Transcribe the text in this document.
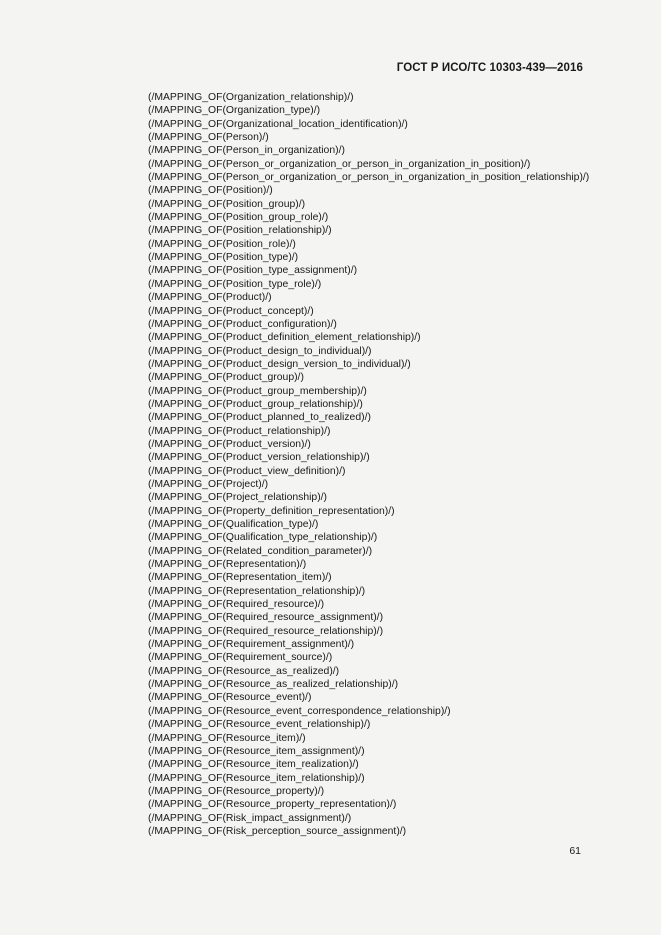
ГОСТ Р ИСО/ТС 10303-439—2016
(/MAPPING_OF(Organization_relationship)/)
(/MAPPING_OF(Organization_type)/)
(/MAPPING_OF(Organizational_location_identification)/)
(/MAPPING_OF(Person)/)
(/MAPPING_OF(Person_in_organization)/)
(/MAPPING_OF(Person_or_organization_or_person_in_organization_in_position)/)
(/MAPPING_OF(Person_or_organization_or_person_in_organization_in_position_relationship)/)
(/MAPPING_OF(Position)/)
(/MAPPING_OF(Position_group)/)
(/MAPPING_OF(Position_group_role)/)
(/MAPPING_OF(Position_relationship)/)
(/MAPPING_OF(Position_role)/)
(/MAPPING_OF(Position_type)/)
(/MAPPING_OF(Position_type_assignment)/)
(/MAPPING_OF(Position_type_role)/)
(/MAPPING_OF(Product)/)
(/MAPPING_OF(Product_concept)/)
(/MAPPING_OF(Product_configuration)/)
(/MAPPING_OF(Product_definition_element_relationship)/)
(/MAPPING_OF(Product_design_to_individual)/)
(/MAPPING_OF(Product_design_version_to_individual)/)
(/MAPPING_OF(Product_group)/)
(/MAPPING_OF(Product_group_membership)/)
(/MAPPING_OF(Product_group_relationship)/)
(/MAPPING_OF(Product_planned_to_realized)/)
(/MAPPING_OF(Product_relationship)/)
(/MAPPING_OF(Product_version)/)
(/MAPPING_OF(Product_version_relationship)/)
(/MAPPING_OF(Product_view_definition)/)
(/MAPPING_OF(Project)/)
(/MAPPING_OF(Project_relationship)/)
(/MAPPING_OF(Property_definition_representation)/)
(/MAPPING_OF(Qualification_type)/)
(/MAPPING_OF(Qualification_type_relationship)/)
(/MAPPING_OF(Related_condition_parameter)/)
(/MAPPING_OF(Representation)/)
(/MAPPING_OF(Representation_item)/)
(/MAPPING_OF(Representation_relationship)/)
(/MAPPING_OF(Required_resource)/)
(/MAPPING_OF(Required_resource_assignment)/)
(/MAPPING_OF(Required_resource_relationship)/)
(/MAPPING_OF(Requirement_assignment)/)
(/MAPPING_OF(Requirement_source)/)
(/MAPPING_OF(Resource_as_realized)/)
(/MAPPING_OF(Resource_as_realized_relationship)/)
(/MAPPING_OF(Resource_event)/)
(/MAPPING_OF(Resource_event_correspondence_relationship)/)
(/MAPPING_OF(Resource_event_relationship)/)
(/MAPPING_OF(Resource_item)/)
(/MAPPING_OF(Resource_item_assignment)/)
(/MAPPING_OF(Resource_item_realization)/)
(/MAPPING_OF(Resource_item_relationship)/)
(/MAPPING_OF(Resource_property)/)
(/MAPPING_OF(Resource_property_representation)/)
(/MAPPING_OF(Risk_impact_assignment)/)
(/MAPPING_OF(Risk_perception_source_assignment)/)
61
